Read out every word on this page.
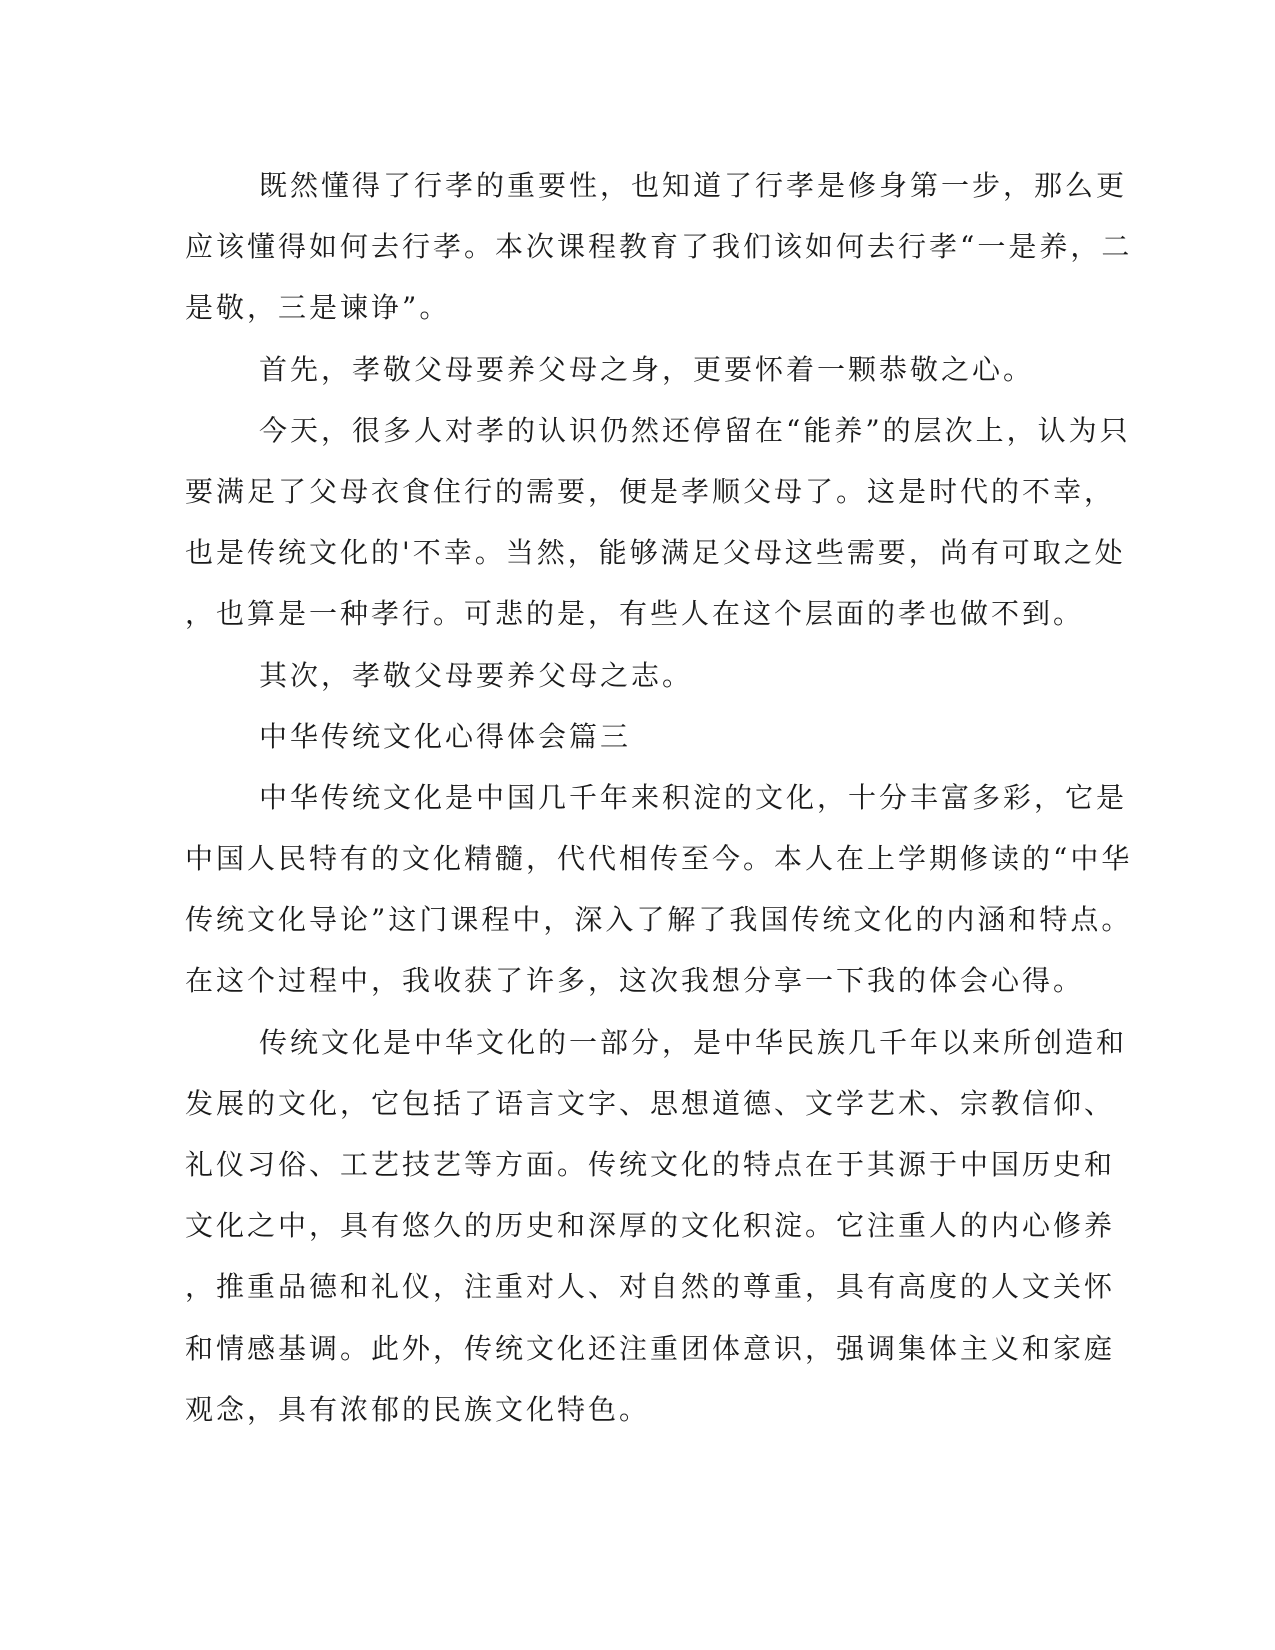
既然懂得了行孝的重要性，也知道了行孝是修身第一步，那么更
应该懂得如何去行孝。本次课程教育了我们该如何去行孝“一是养，二
是敬，三是谏诤”。
首先，孝敬父母要养父母之身，更要怀着一颗恭敬之心。
今天，很多人对孝的认识仍然还停留在“能养”的层次上，认为只
要满足了父母衣食住行的需要，便是孝顺父母了。这是时代的不幸，
也是传统文化的'不幸。当然，能够满足父母这些需要，尚有可取之处
，也算是一种孝行。可悲的是，有些人在这个层面的孝也做不到。
其次，孝敬父母要养父母之志。
中华传统文化心得体会篇三
中华传统文化是中国几千年来积淀的文化，十分丰富多彩，它是
中国人民特有的文化精髓，代代相传至今。本人在上学期修读的“中华
传统文化导论”这门课程中，深入了解了我国传统文化的内涵和特点。
在这个过程中，我收获了许多，这次我想分享一下我的体会心得。
传统文化是中华文化的一部分，是中华民族几千年以来所创造和
发展的文化，它包括了语言文字、思想道德、文学艺术、宗教信仰、
礼仪习俗、工艺技艺等方面。传统文化的特点在于其源于中国历史和
文化之中，具有悠久的历史和深厚的文化积淀。它注重人的内心修养
，推重品德和礼仪，注重对人、对自然的尊重，具有高度的人文关怀
和情感基调。此外，传统文化还注重团体意识，强调集体主义和家庭
观念，具有浓郁的民族文化特色。
